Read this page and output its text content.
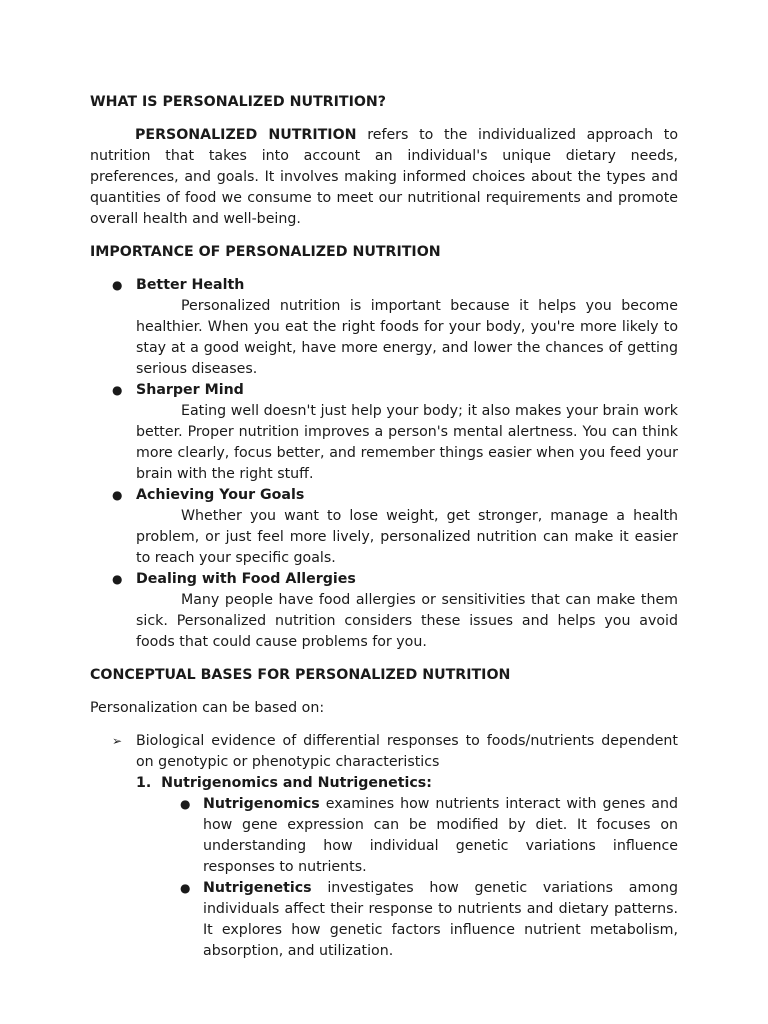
WHAT IS PERSONALIZED NUTRITION?

PERSONALIZED NUTRITION refers to the individualized approach to nutrition that takes into account an individual's unique dietary needs, preferences, and goals. It involves making informed choices about the types and quantities of food we consume to meet our nutritional requirements and promote overall health and well-being.

IMPORTANCE OF PERSONALIZED NUTRITION

● Better Health

Personalized nutrition is important because it helps you become healthier. When you eat the right foods for your body, you're more likely to stay at a good weight, have more energy, and lower the chances of getting serious diseases.

● Sharper Mind

Eating well doesn't just help your body; it also makes your brain work better. Proper nutrition improves a person's mental alertness. You can think more clearly, focus better, and remember things easier when you feed your brain with the right stuff.

● Achieving Your Goals

Whether you want to lose weight, get stronger, manage a health problem, or just feel more lively, personalized nutrition can make it easier to reach your specific goals.

● Dealing with Food Allergies

Many people have food allergies or sensitivities that can make them sick. Personalized nutrition considers these issues and helps you avoid foods that could cause problems for you.

CONCEPTUAL BASES FOR PERSONALIZED NUTRITION

Personalization can be based on:

➢ Biological evidence of differential responses to foods/nutrients dependent on genotypic or phenotypic characteristics

1. Nutrigenomics and Nutrigenetics:
● Nutrigenomics examines how nutrients interact with genes and how gene expression can be modified by diet. It focuses on understanding how individual genetic variations influence responses to nutrients.

● Nutrigenetics investigates how genetic variations among individuals affect their response to nutrients and dietary patterns. It explores how genetic factors influence nutrient metabolism, absorption, and utilization.
